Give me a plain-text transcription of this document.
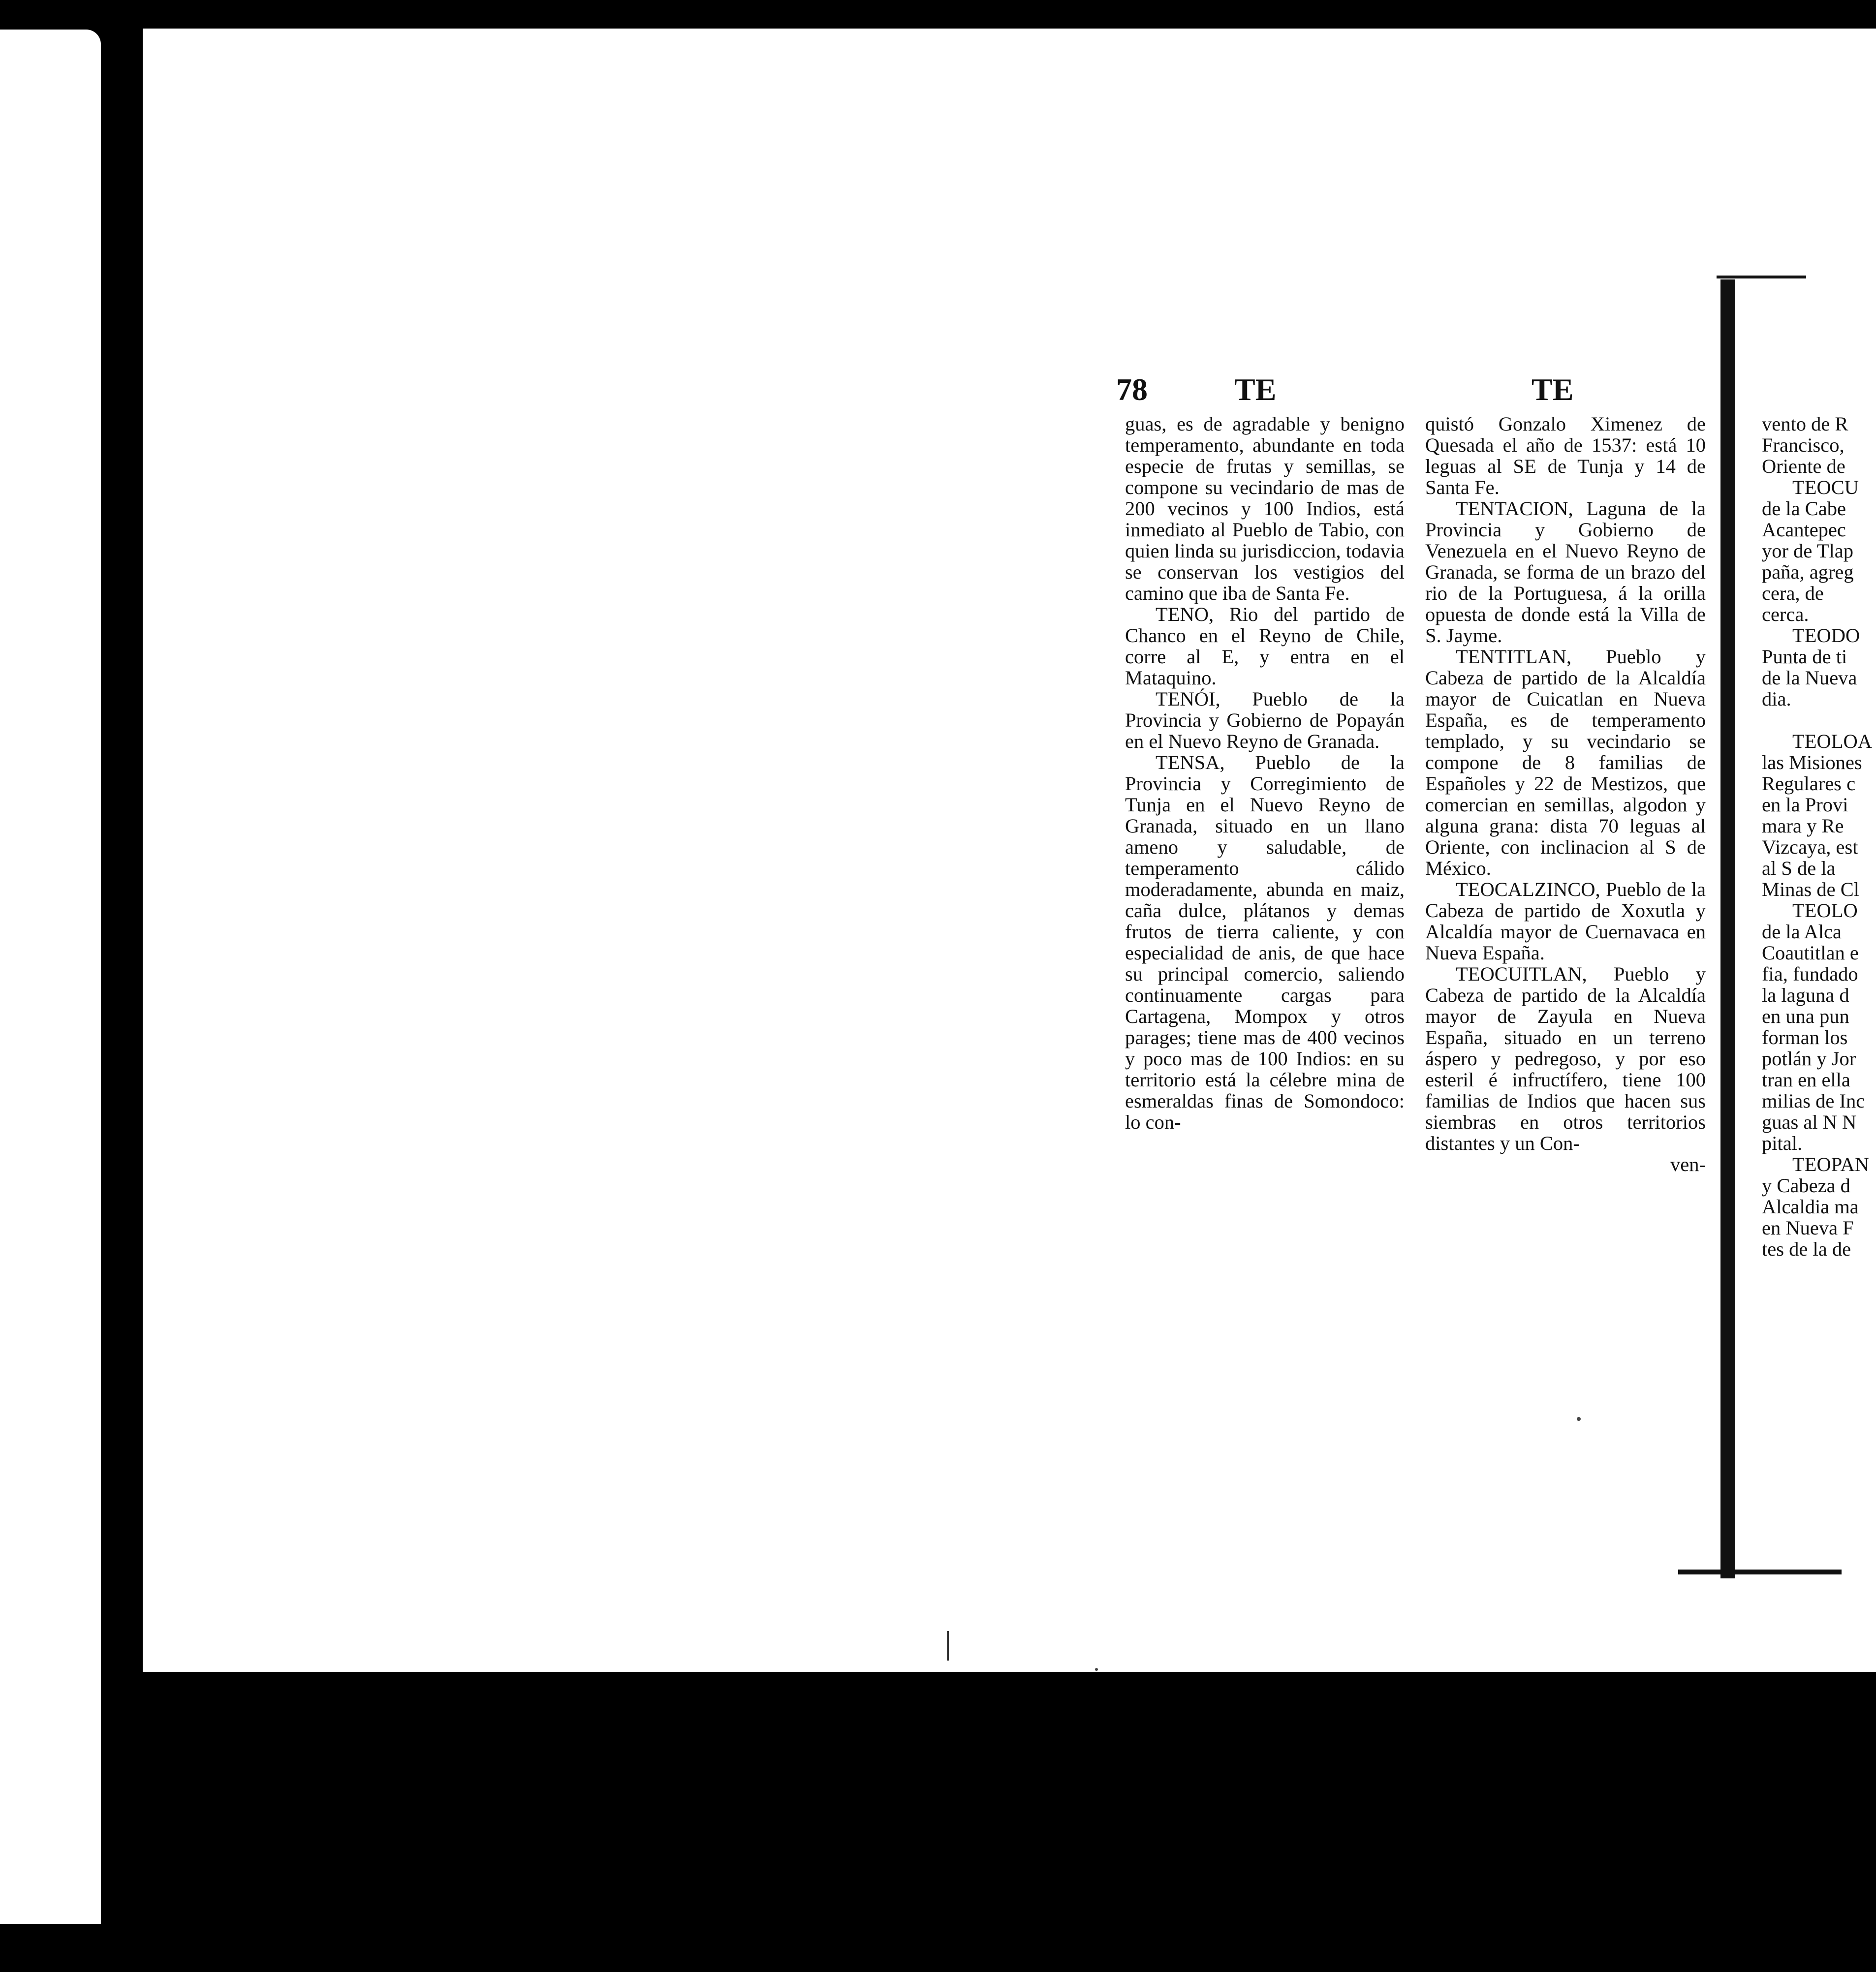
78	TE	TE

guas, es de agradable y benigno temperamento, abundante en toda especie de frutas y semillas, se compone su vecindario de mas de 200 vecinos y 100 Indios, está inmediato al Pueblo de Tabio, con quien linda su jurisdiccion, todavia se conservan los vestigios del camino que iba de Santa Fe.

TENO, Rio del partido de Chanco en el Reyno de Chile, corre al E, y entra en el Mataquino.

TENÓI, Pueblo de la Provincia y Gobierno de Popayán en el Nuevo Reyno de Granada.

TENSA, Pueblo de la Provincia y Corregimiento de Tunja en el Nuevo Reyno de Granada, situado en un llano ameno y saludable, de temperamento cálido moderadamente, abunda en maiz, caña dulce, plátanos y demas frutos de tierra caliente, y con especialidad de anis, de que hace su principal comercio, saliendo continuamente cargas para Cartagena, Mompox y otros parages; tiene mas de 400 vecinos y poco mas de 100 Indios: en su territorio está la célebre mina de esmeraldas finas de Somondoco: lo con-

quistó Gonzalo Ximenez de Quesada el año de 1537: está 10 leguas al SE de Tunja y 14 de Santa Fe.

TENTACION, Laguna de la Provincia y Gobierno de Venezuela en el Nuevo Reyno de Granada, se forma de un brazo del rio de la Portuguesa, á la orilla opuesta de donde está la Villa de S. Jayme.

TENTITLAN, Pueblo y Cabeza de partido de la Alcaldía mayor de Cuicatlan en Nueva España, es de temperamento templado, y su vecindario se compone de 8 familias de Españoles y 22 de Mestizos, que comercian en semillas, algodon y alguna grana: dista 70 leguas al Oriente, con inclinacion al S de México.

TEOCALZINCO, Pueblo de la Cabeza de partido de Xoxutla y Alcaldía mayor de Cuernavaca en Nueva España.

TEOCUITLAN, Pueblo y Cabeza de partido de la Alcaldía mayor de Zayula en Nueva España, situado en un terreno áspero y pedregoso, y por eso esteril é infructífero, tiene 100 familias de Indios que hacen sus siembras en otros territorios distantes y un Con-

ven-

vento de R

Francisco,

Oriente de

TEOCU

de la Cabe

Acantepec

yor de Tlap

paña, agreg

cera, de

cerca.

TEODO

Punta de ti

de la Nueva

dia.

TEOLOA

las Misiones

Regulares c

en la Provi

mara y Re

Vizcaya, est

al S de la

Minas de Cl

TEOLO

de la Alca

Coautitlan e

fia, fundado

la laguna d

en una pun

forman los

potlán y Jor

tran en ella

milias de Inc

guas al N N

pital.

TEOPAN

y Cabeza d

Alcaldia ma

en Nueva F

tes de la de
